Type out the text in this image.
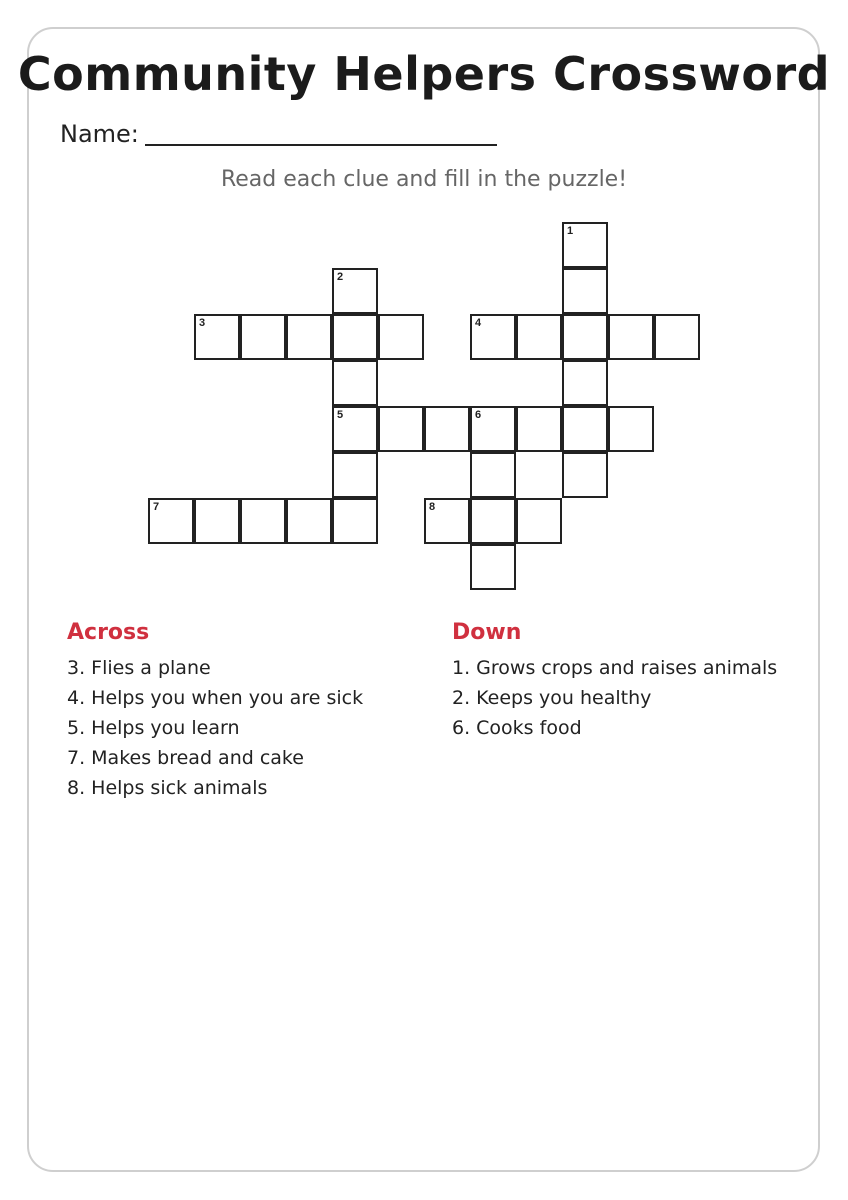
Community Helpers Crossword
Name:
Read each clue and fill in the puzzle!
1
2
3	4
5	6
7	8
Across
3. Flies a plane
4. Helps you when you are sick
5. Helps you learn
7. Makes bread and cake
8. Helps sick animals
Down
1. Grows crops and raises animals
2. Keeps you healthy
6. Cooks food
